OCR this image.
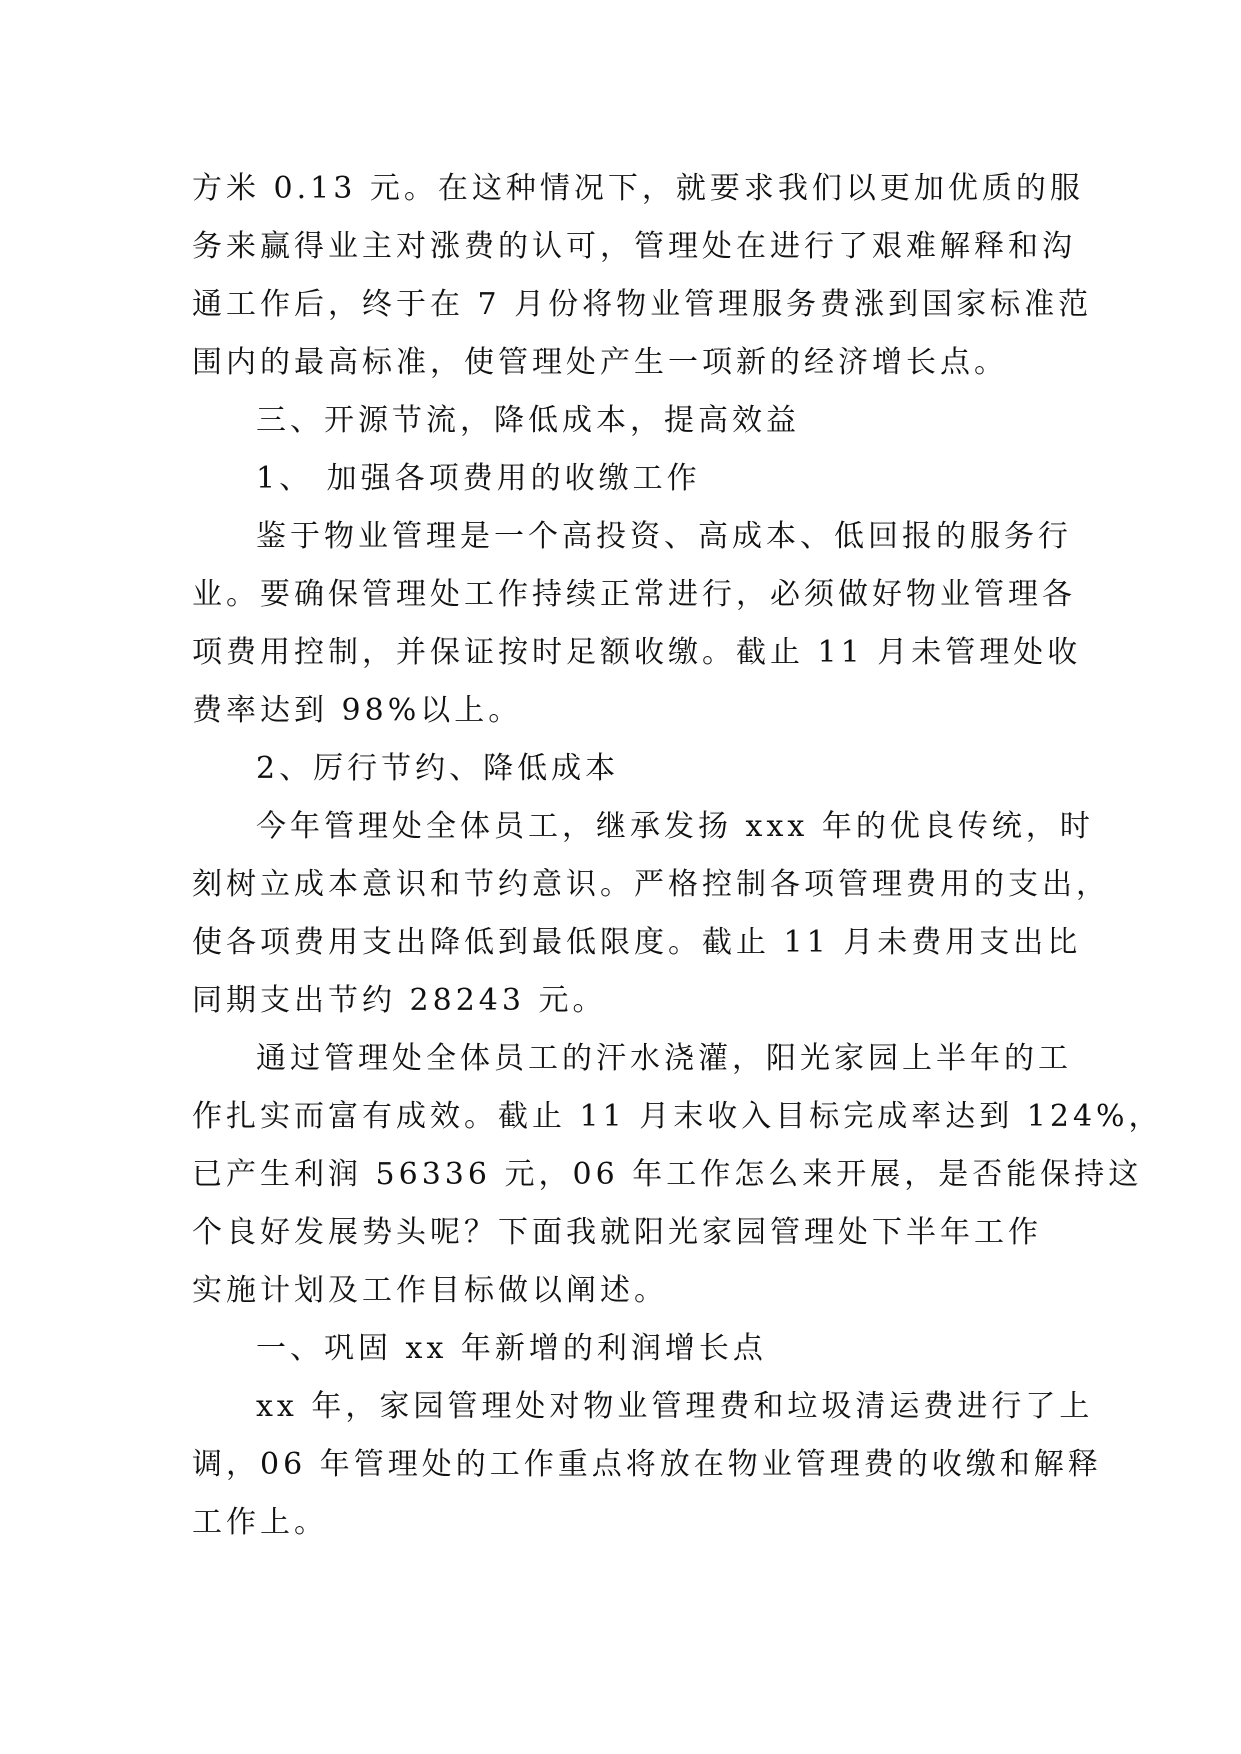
方米 0.13 元。在这种情况下，就要求我们以更加优质的服
务来赢得业主对涨费的认可，管理处在进行了艰难解释和沟
通工作后，终于在 7 月份将物业管理服务费涨到国家标准范
围内的最高标准，使管理处产生一项新的经济增长点。
三、开源节流，降低成本，提高效益
1、 加强各项费用的收缴工作
鉴于物业管理是一个高投资、高成本、低回报的服务行
业。要确保管理处工作持续正常进行，必须做好物业管理各
项费用控制，并保证按时足额收缴。截止 11 月未管理处收
费率达到 98%以上。
2、厉行节约、降低成本
今年管理处全体员工，继承发扬 xxx 年的优良传统，时
刻树立成本意识和节约意识。严格控制各项管理费用的支出，
使各项费用支出降低到最低限度。截止 11 月未费用支出比
同期支出节约 28243 元。
通过管理处全体员工的汗水浇灌，阳光家园上半年的工
作扎实而富有成效。截止 11 月末收入目标完成率达到 124%，
已产生利润 56336 元，06 年工作怎么来开展，是否能保持这
个良好发展势头呢？下面我就阳光家园管理处下半年工作
实施计划及工作目标做以阐述。
一、巩固 xx 年新增的利润增长点
xx 年，家园管理处对物业管理费和垃圾清运费进行了上
调，06 年管理处的工作重点将放在物业管理费的收缴和解释
工作上。
